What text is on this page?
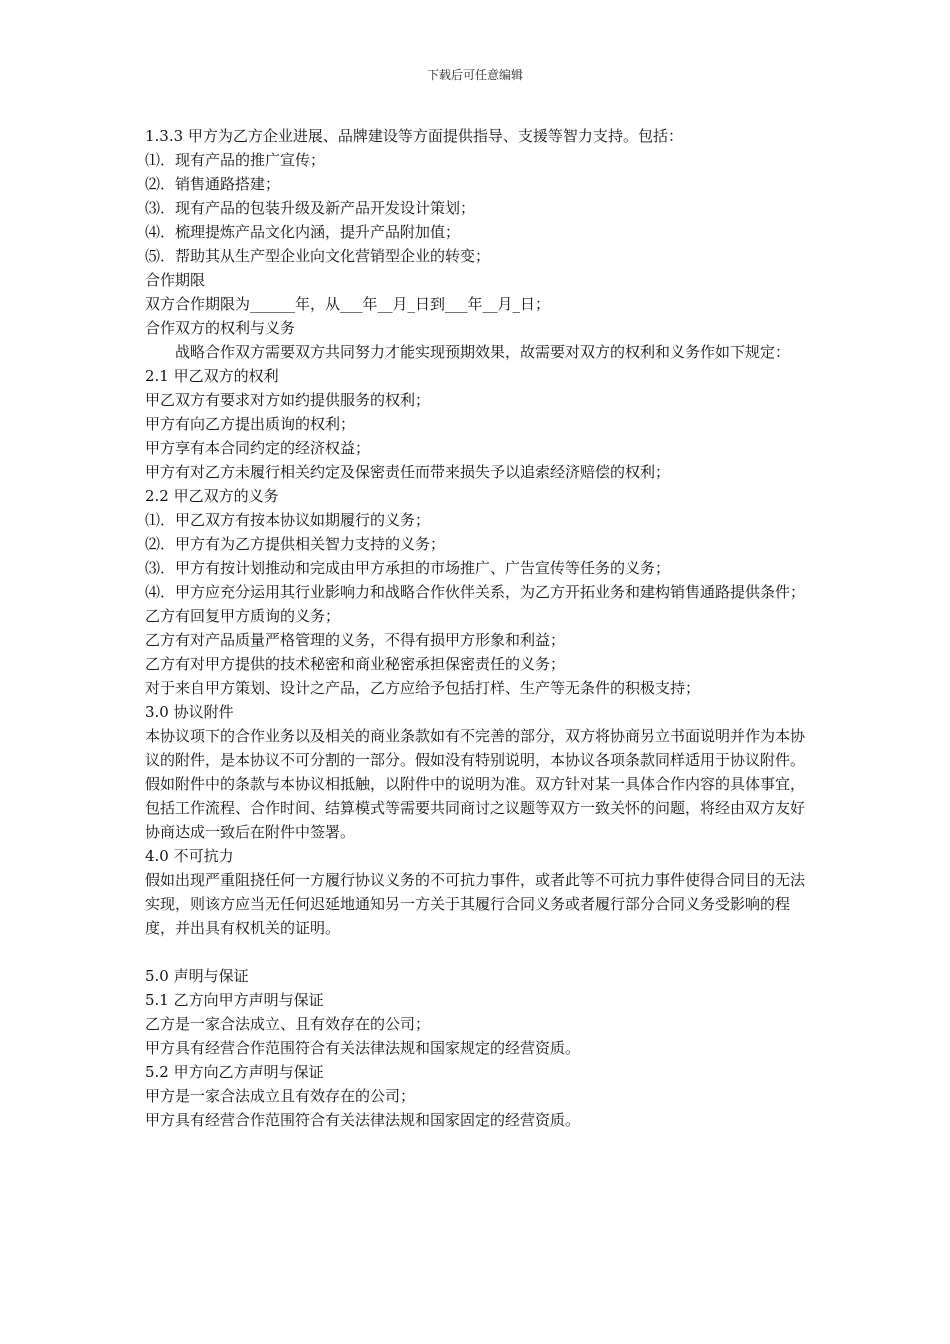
下载后可任意编辑

1.3.3 甲方为乙方企业进展、品牌建设等方面提供指导、支援等智力支持。包括：

⑴．现有产品的推广宣传；

⑵．销售通路搭建；

⑶．现有产品的包装升级及新产品开发设计策划；

⑷．梳理提炼产品文化内涵，提升产品附加值；

⑸．帮助其从生产型企业向文化营销型企业的转变；

合作期限

双方合作期限为______年，从___年__月_日到___年__月_日；

合作双方的权利与义务

战略合作双方需要双方共同努力才能实现预期效果，故需要对双方的权利和义务作如下规定：

2.1 甲乙双方的权利

甲乙双方有要求对方如约提供服务的权利；

甲方有向乙方提出质询的权利；

甲方享有本合同约定的经济权益；

甲方有对乙方未履行相关约定及保密责任而带来损失予以追索经济赔偿的权利；

2.2 甲乙双方的义务

⑴．甲乙双方有按本协议如期履行的义务；

⑵．甲方有为乙方提供相关智力支持的义务；

⑶．甲方有按计划推动和完成由甲方承担的市场推广、广告宣传等任务的义务；

⑷．甲方应充分运用其行业影响力和战略合作伙伴关系，为乙方开拓业务和建构销售通路提供条件；

乙方有回复甲方质询的义务；

乙方有对产品质量严格管理的义务，不得有损甲方形象和利益；

乙方有对甲方提供的技术秘密和商业秘密承担保密责任的义务；

对于来自甲方策划、设计之产品，乙方应给予包括打样、生产等无条件的积极支持；

3.0 协议附件

本协议项下的合作业务以及相关的商业条款如有不完善的部分，双方将协商另立书面说明并作为本协议的附件，是本协议不可分割的一部分。假如没有特别说明，本协议各项条款同样适用于协议附件。假如附件中的条款与本协议相抵触，以附件中的说明为准。双方针对某一具体合作内容的具体事宜，包括工作流程、合作时间、结算模式等需要共同商讨之议题等双方一致关怀的问题，将经由双方友好协商达成一致后在附件中签署。

4.0 不可抗力

假如出现严重阻挠任何一方履行协议义务的不可抗力事件，或者此等不可抗力事件使得合同目的无法实现，则该方应当无任何迟延地通知另一方关于其履行合同义务或者履行部分合同义务受影响的程度，并出具有权机关的证明。

5.0 声明与保证

5.1 乙方向甲方声明与保证

乙方是一家合法成立、且有效存在的公司；

甲方具有经营合作范围符合有关法律法规和国家规定的经营资质。

5.2 甲方向乙方声明与保证

甲方是一家合法成立且有效存在的公司；

甲方具有经营合作范围符合有关法律法规和国家固定的经营资质。
